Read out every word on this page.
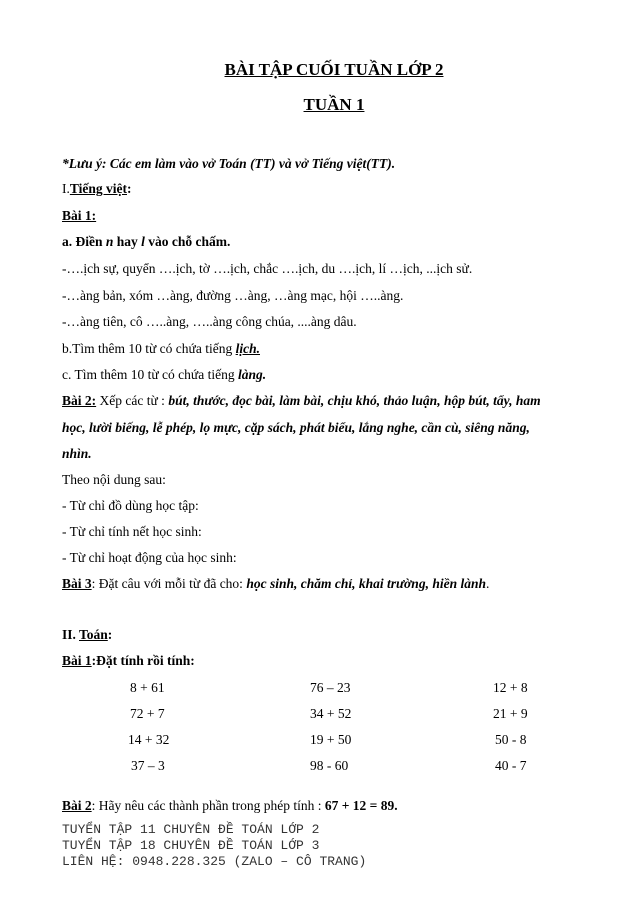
BÀI TẬP CUỐI TUẦN LỚP 2
TUẦN 1
*Lưu ý: Các em làm vào vở Toán (TT) và vở Tiếng việt(TT).
I.Tiếng việt:
Bài 1:
a. Điền n hay l vào chỗ chấm.
-….ịch sự, quyển ….ịch, tờ ….ịch, chắc ….ịch, du ….ịch, lí …ịch, ...ịch sử.
-…àng bản, xóm …àng, đường …àng, …àng mạc, hội …..àng.
-…àng tiên, cô …..àng, …..àng công chúa, ....àng dâu.
b.Tìm thêm 10 từ có chứa tiếng lịch.
c. Tìm thêm 10 từ có chứa tiếng làng.
Bài 2: Xếp các từ : bút, thước, đọc bài, làm bài, chịu khó, thảo luận, hộp bút, tẩy, ham
học, lười biếng, lễ phép, lọ mực, cặp sách, phát biểu, lắng nghe, cần cù, siêng năng,
nhìn.
Theo nội dung sau:
- Từ chỉ đồ dùng học tập:
- Từ chỉ tính nết học sinh:
- Từ chỉ hoạt động của học sinh:
Bài 3: Đặt câu với mỗi từ đã cho: học sinh, chăm chỉ, khai trường, hiền lành.
II. Toán:
Bài 1:Đặt tính rồi tính:
8 + 61	76 – 23	12 + 8
72 + 7	34 + 52	21 + 9
14 + 32	19 + 50	50 - 8
37 – 3	98 - 60	40 - 7
Bài 2: Hãy nêu các thành phần trong phép tính : 67 + 12 = 89.
TUYỂN TẬP 11 CHUYÊN ĐỀ TOÁN LỚP 2
TUYỂN TẬP 18 CHUYÊN ĐỀ TOÁN LỚP 3
LIÊN HỆ: 0948.228.325 (ZALO – CÔ TRANG)
